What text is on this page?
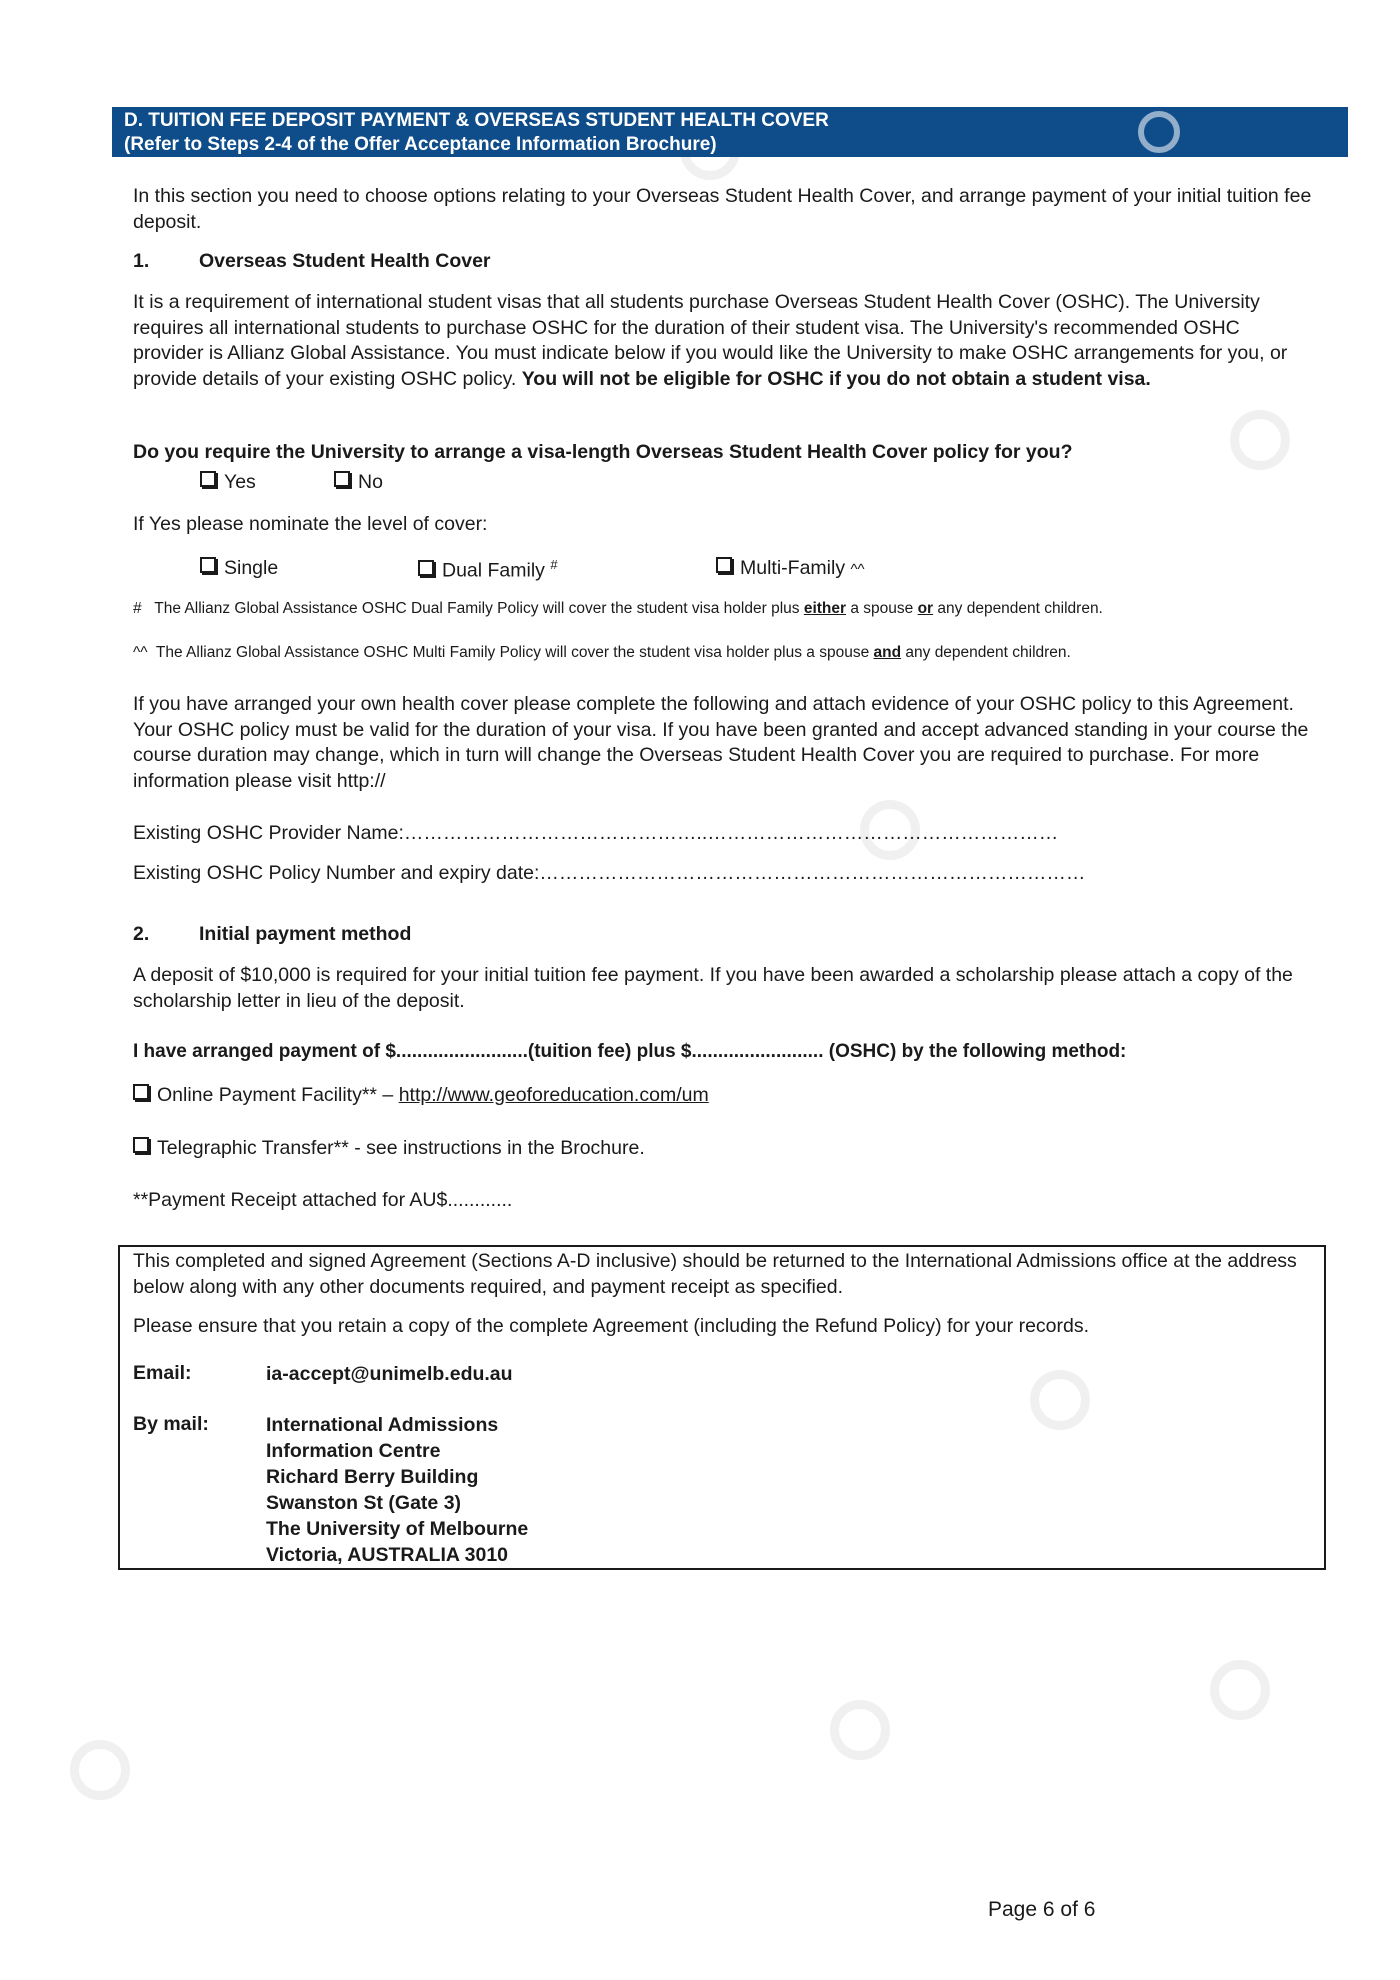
D. TUITION FEE DEPOSIT PAYMENT & OVERSEAS STUDENT HEALTH COVER
(Refer to Steps 2-4 of the Offer Acceptance Information Brochure)
In this section you need to choose options relating to your Overseas Student Health Cover, and arrange payment of your initial tuition fee deposit.
1.	Overseas Student Health Cover
It is a requirement of international student visas that all students purchase Overseas Student Health Cover (OSHC). The University requires all international students to purchase OSHC for the duration of their student visa. The University's recommended OSHC provider is Allianz Global Assistance. You must indicate below if you would like the University to make OSHC arrangements for you, or provide details of your existing OSHC policy. You will not be eligible for OSHC if you do not obtain a student visa.
Do you require the University to arrange a visa-length Overseas Student Health Cover policy for you?
Yes	No
If Yes please nominate the level of cover:
Single	Dual Family #	Multi-Family ^^
# The Allianz Global Assistance OSHC Dual Family Policy will cover the student visa holder plus either a spouse or any dependent children.
^^ The Allianz Global Assistance OSHC Multi Family Policy will cover the student visa holder plus a spouse and any dependent children.
If you have arranged your own health cover please complete the following and attach evidence of your OSHC policy to this Agreement. Your OSHC policy must be valid for the duration of your visa. If you have been granted and accept advanced standing in your course the course duration may change, which in turn will change the Overseas Student Health Cover you are required to purchase. For more information please visit http://
Existing OSHC Provider Name:………………………………………..………………………………………………
Existing OSHC Policy Number and expiry date:…………………………………………………………………………
2.	Initial payment method
A deposit of $10,000 is required for your initial tuition fee payment. If you have been awarded a scholarship please attach a copy of the scholarship letter in lieu of the deposit.
I have arranged payment of $.........................(tuition fee) plus $......................... (OSHC) by the following method:
Online Payment Facility** – http://www.geoforeducation.com/um
Telegraphic Transfer** - see instructions in the Brochure.
**Payment Receipt attached for AU$............
This completed and signed Agreement (Sections A-D inclusive) should be returned to the International Admissions office at the address below along with any other documents required, and payment receipt as specified.
Please ensure that you retain a copy of the complete Agreement (including the Refund Policy) for your records.
Email:	ia-accept@unimelb.edu.au
By mail:	International Admissions
Information Centre
Richard Berry Building
Swanston St (Gate 3)
The University of Melbourne
Victoria, AUSTRALIA 3010
Page 6 of 6
